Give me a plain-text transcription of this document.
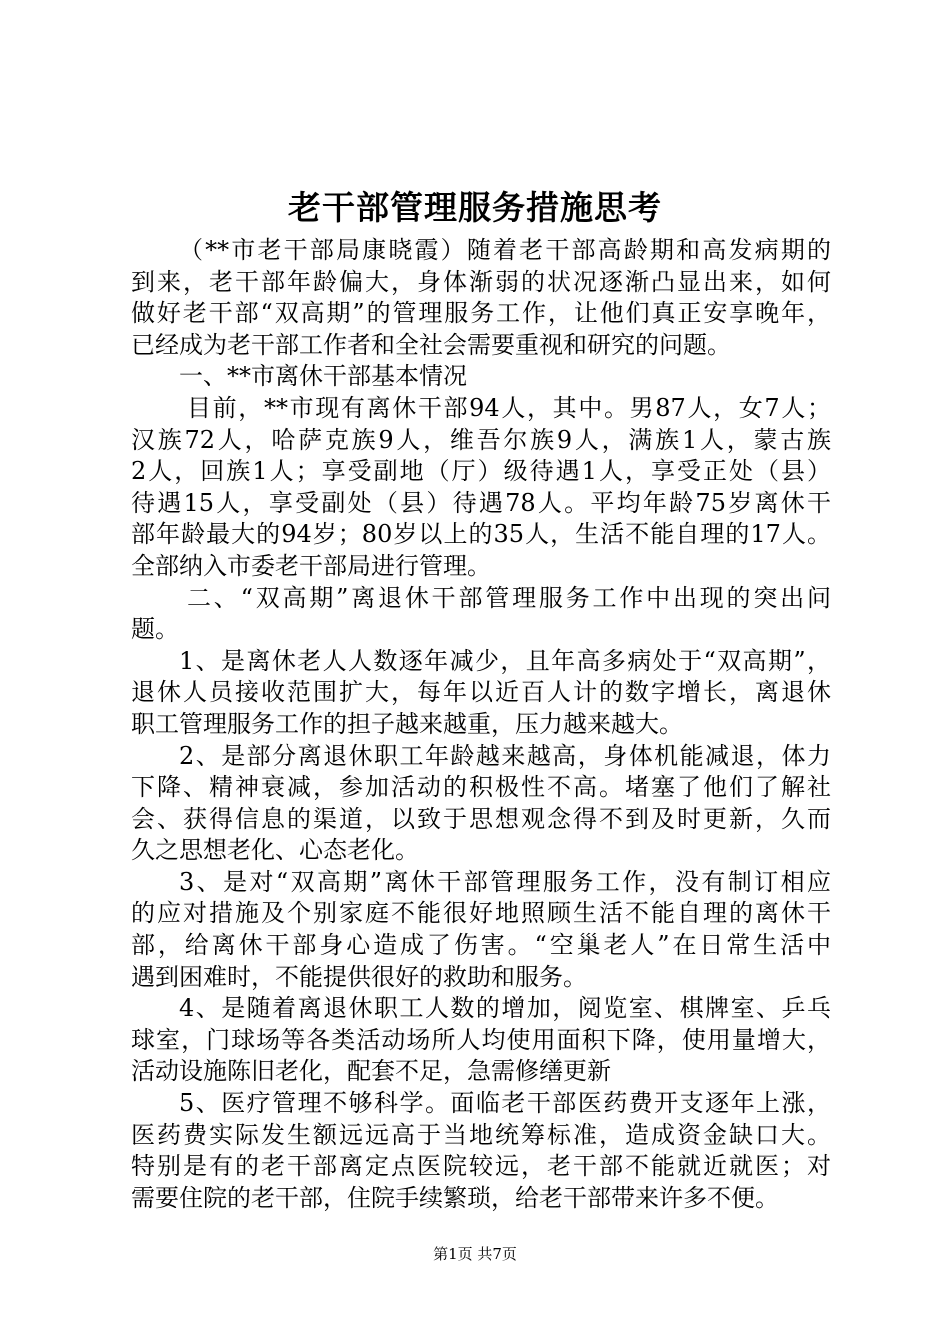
老干部管理服务措施思考
（**市老干部局康晓霞）随着老干部高龄期和高发病期的
到来，老干部年龄偏大，身体渐弱的状况逐渐凸显出来，如何
做好老干部“双高期”的管理服务工作，让他们真正安享晚年，
已经成为老干部工作者和全社会需要重视和研究的问题。
一、**市离休干部基本情况
目前，**市现有离休干部94人，其中。男87人，女7人；
汉族72人，哈萨克族9人，维吾尔族9人，满族1人，蒙古族
2人，回族1人；享受副地（厅）级待遇1人，享受正处（县）
待遇15人，享受副处（县）待遇78人。平均年龄75岁离休干
部年龄最大的94岁；80岁以上的35人，生活不能自理的17人。
全部纳入市委老干部局进行管理。
二、“双高期”离退休干部管理服务工作中出现的突出问
题。
1、是离休老人人数逐年减少，且年高多病处于“双高期”，
退休人员接收范围扩大，每年以近百人计的数字增长，离退休
职工管理服务工作的担子越来越重，压力越来越大。
2、是部分离退休职工年龄越来越高，身体机能减退，体力
下降、精神衰减，参加活动的积极性不高。堵塞了他们了解社
会、获得信息的渠道，以致于思想观念得不到及时更新，久而
久之思想老化、心态老化。
3、是对“双高期”离休干部管理服务工作，没有制订相应
的应对措施及个别家庭不能很好地照顾生活不能自理的离休干
部，给离休干部身心造成了伤害。“空巢老人”在日常生活中
遇到困难时，不能提供很好的救助和服务。
4、是随着离退休职工人数的增加，阅览室、棋牌室、乒乓
球室，门球场等各类活动场所人均使用面积下降，使用量增大，
活动设施陈旧老化，配套不足，急需修缮更新
5、医疗管理不够科学。面临老干部医药费开支逐年上涨，
医药费实际发生额远远高于当地统筹标准，造成资金缺口大。
特别是有的老干部离定点医院较远，老干部不能就近就医；对
需要住院的老干部，住院手续繁琐，给老干部带来许多不便。
第1页 共7页
